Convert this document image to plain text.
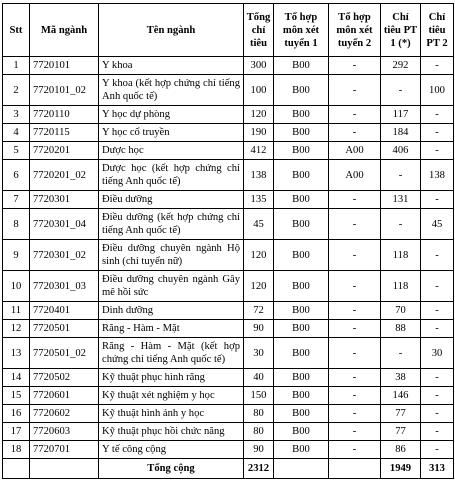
Stt	Mã ngành	Tên ngành	Tổng chỉ tiêu	Tổ hợp môn xét tuyển 1	Tổ hợp môn xét tuyển 2	Chỉ tiêu PT 1 (*)	Chỉ tiêu PT 2
1	7720101	Y khoa	300	B00	-	292	-
2	7720101_02	Y khoa (kết hợp chứng chỉ tiếng Anh quốc tế)	100	B00	-	-	100
3	7720110	Y học dự phòng	120	B00	-	117	-
4	7720115	Y học cổ truyền	190	B00	-	184	-
5	7720201	Dược học	412	B00	A00	406	-
6	7720201_02	Dược học (kết hợp chứng chỉ tiếng Anh quốc tế)	138	B00	A00	-	138
7	7720301	Điều dưỡng	135	B00	-	131	-
8	7720301_04	Điều dưỡng (kết hợp chứng chỉ tiếng Anh quốc tế)	45	B00	-	-	45
9	7720301_02	Điều dưỡng chuyên ngành Hộ sinh (chỉ tuyển nữ)	120	B00	-	118	-
10	7720301_03	Điều dưỡng chuyên ngành Gây mê hồi sức	120	B00	-	118	-
11	7720401	Dinh dưỡng	72	B00	-	70	-
12	7720501	Răng - Hàm - Mặt	90	B00	-	88	-
13	7720501_02	Răng - Hàm - Mặt (kết hợp chứng chỉ tiếng Anh quốc tế)	30	B00	-	-	30
14	7720502	Kỹ thuật phục hình răng	40	B00	-	38	-
15	7720601	Kỹ thuật xét nghiệm y học	150	B00	-	146	-
16	7720602	Kỹ thuật hình ảnh y học	80	B00	-	77	-
17	7720603	Kỹ thuật phục hồi chức năng	80	B00	-	77	-
18	7720701	Y tế công cộng	90	B00	-	86	-
		Tổng cộng	2312			1949	313
